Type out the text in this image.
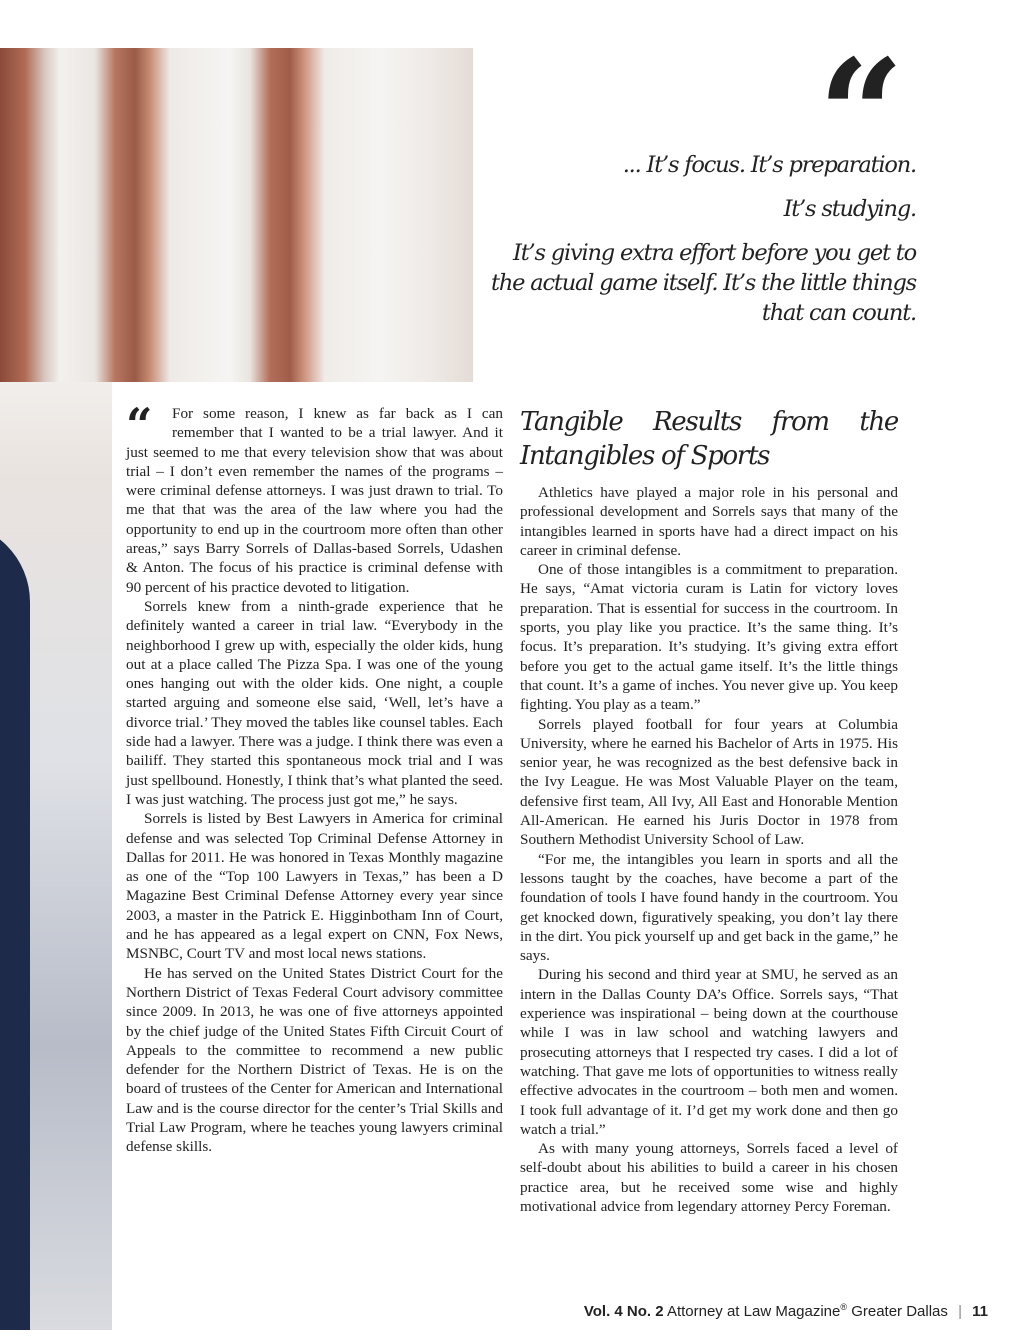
“

... It’s focus. It’s preparation.

It’s studying.

It’s giving extra effort before you get to the actual game itself. It’s the little things that can count.

“	For some reason, I knew as far back as I can remember that I wanted to be a trial lawyer. And it just seemed to me that every television show that was about trial – I don’t even remember the names of the programs – were criminal defense attorneys. I was just drawn to trial. To me that that was the area of the law where you had the opportunity to end up in the courtroom more often than other areas,” says Barry Sorrels of Dallas-based Sorrels, Udashen & Anton. The focus of his practice is criminal defense with 90 percent of his practice devoted to litigation.

Sorrels knew from a ninth-grade experience that he definitely wanted a career in trial law. “Everybody in the neighborhood I grew up with, especially the older kids, hung out at a place called The Pizza Spa. I was one of the young ones hanging out with the older kids. One night, a couple started arguing and someone else said, ‘Well, let’s have a divorce trial.’ They moved the tables like counsel tables. Each side had a lawyer. There was a judge. I think there was even a bailiff. They started this spontaneous mock trial and I was just spellbound. Honestly, I think that’s what planted the seed. I was just watching. The process just got me,” he says.

Sorrels is listed by Best Lawyers in America for criminal defense and was selected Top Criminal Defense Attorney in Dallas for 2011. He was honored in Texas Monthly magazine as one of the “Top 100 Lawyers in Texas,” has been a D Magazine Best Criminal Defense Attorney every year since 2003, a master in the Patrick E. Higginbotham Inn of Court, and he has appeared as a legal expert on CNN, Fox News, MSNBC, Court TV and most local news stations.

He has served on the United States District Court for the Northern District of Texas Federal Court advisory committee since 2009. In 2013, he was one of five attorneys appointed by the chief judge of the United States Fifth Circuit Court of Appeals to the committee to recommend a new public defender for the Northern District of Texas. He is on the board of trustees of the Center for American and International Law and is the course director for the center’s Trial Skills and Trial Law Program, where he teaches young lawyers criminal defense skills.

Tangible Results from the Intangibles of Sports

Athletics have played a major role in his personal and professional development and Sorrels says that many of the intangibles learned in sports have had a direct impact on his career in criminal defense.

One of those intangibles is a commitment to preparation. He says, “Amat victoria curam is Latin for victory loves preparation. That is essential for success in the courtroom. In sports, you play like you practice. It’s the same thing. It’s focus. It’s preparation. It’s studying. It’s giving extra effort before you get to the actual game itself. It’s the little things that count. It’s a game of inches. You never give up. You keep fighting. You play as a team.”

Sorrels played football for four years at Columbia University, where he earned his Bachelor of Arts in 1975. His senior year, he was recognized as the best defensive back in the Ivy League. He was Most Valuable Player on the team, defensive first team, All Ivy, All East and Honorable Mention All-American. He earned his Juris Doctor in 1978 from Southern Methodist University School of Law.

“For me, the intangibles you learn in sports and all the lessons taught by the coaches, have become a part of the foundation of tools I have found handy in the courtroom. You get knocked down, figuratively speaking, you don’t lay there in the dirt. You pick yourself up and get back in the game,” he says.

During his second and third year at SMU, he served as an intern in the Dallas County DA’s Office. Sorrels says, “That experience was inspirational – being down at the courthouse while I was in law school and watching lawyers and prosecuting attorneys that I respected try cases. I did a lot of watching. That gave me lots of opportunities to witness really effective advocates in the courtroom – both men and women. I took full advantage of it. I’d get my work done and then go watch a trial.”

As with many young attorneys, Sorrels faced a level of self-doubt about his abilities to build a career in his chosen practice area, but he received some wise and highly motivational advice from legendary attorney Percy Foreman.

Vol. 4 No. 2 Attorney at Law Magazine® Greater Dallas | 11
